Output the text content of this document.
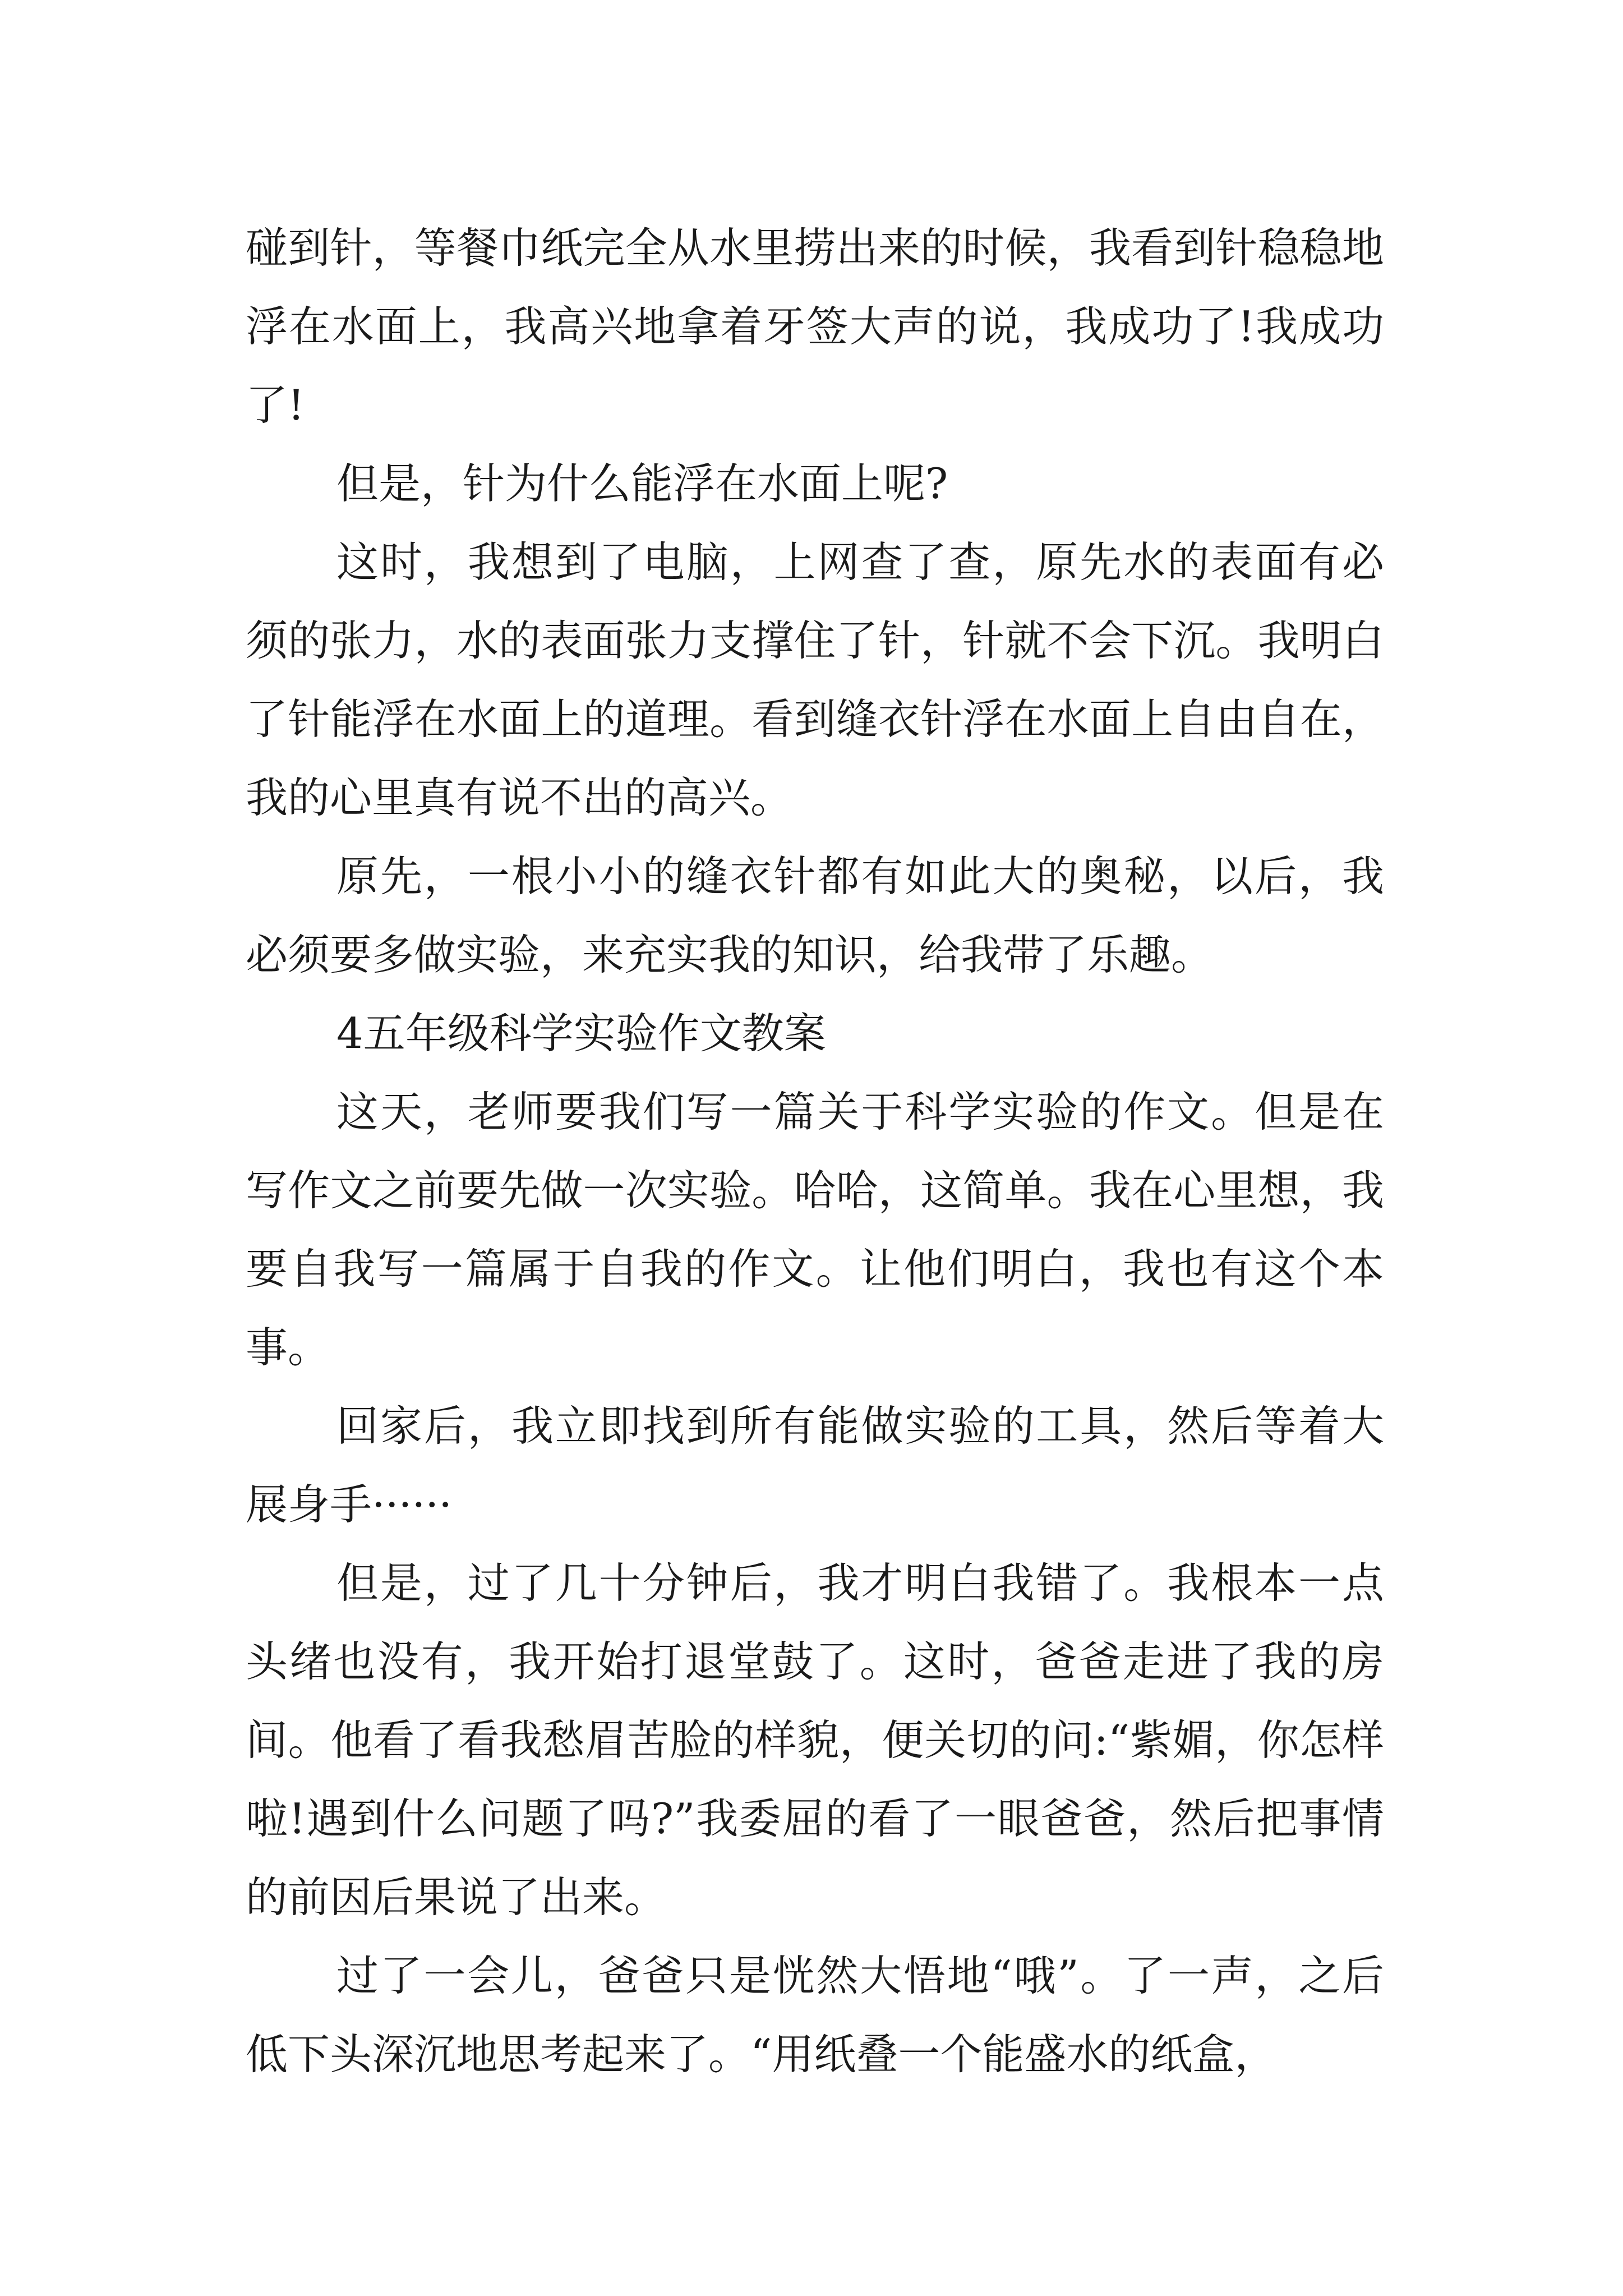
碰到针，等餐巾纸完全从水里捞出来的时候，我看到针稳稳地浮在水面上，我高兴地拿着牙签大声的说，我成功了!我成功了!

但是，针为什么能浮在水面上呢?

这时，我想到了电脑，上网查了查，原先水的表面有必须的张力，水的表面张力支撑住了针，针就不会下沉。我明白了针能浮在水面上的道理。看到缝衣针浮在水面上自由自在，我的心里真有说不出的高兴。

原先，一根小小的缝衣针都有如此大的奥秘，以后，我必须要多做实验，来充实我的知识，给我带了乐趣。

4五年级科学实验作文教案

这天，老师要我们写一篇关于科学实验的作文。但是在写作文之前要先做一次实验。哈哈，这简单。我在心里想，我要自我写一篇属于自我的作文。让他们明白，我也有这个本事。

回家后，我立即找到所有能做实验的工具，然后等着大展身手······

但是，过了几十分钟后，我才明白我错了。我根本一点头绪也没有，我开始打退堂鼓了。这时，爸爸走进了我的房间。他看了看我愁眉苦脸的样貌，便关切的问:“紫媚，你怎样啦!遇到什么问题了吗?”我委屈的看了一眼爸爸，然后把事情的前因后果说了出来。

过了一会儿，爸爸只是恍然大悟地“哦”。了一声，之后低下头深沉地思考起来了。“用纸叠一个能盛水的纸盒，
